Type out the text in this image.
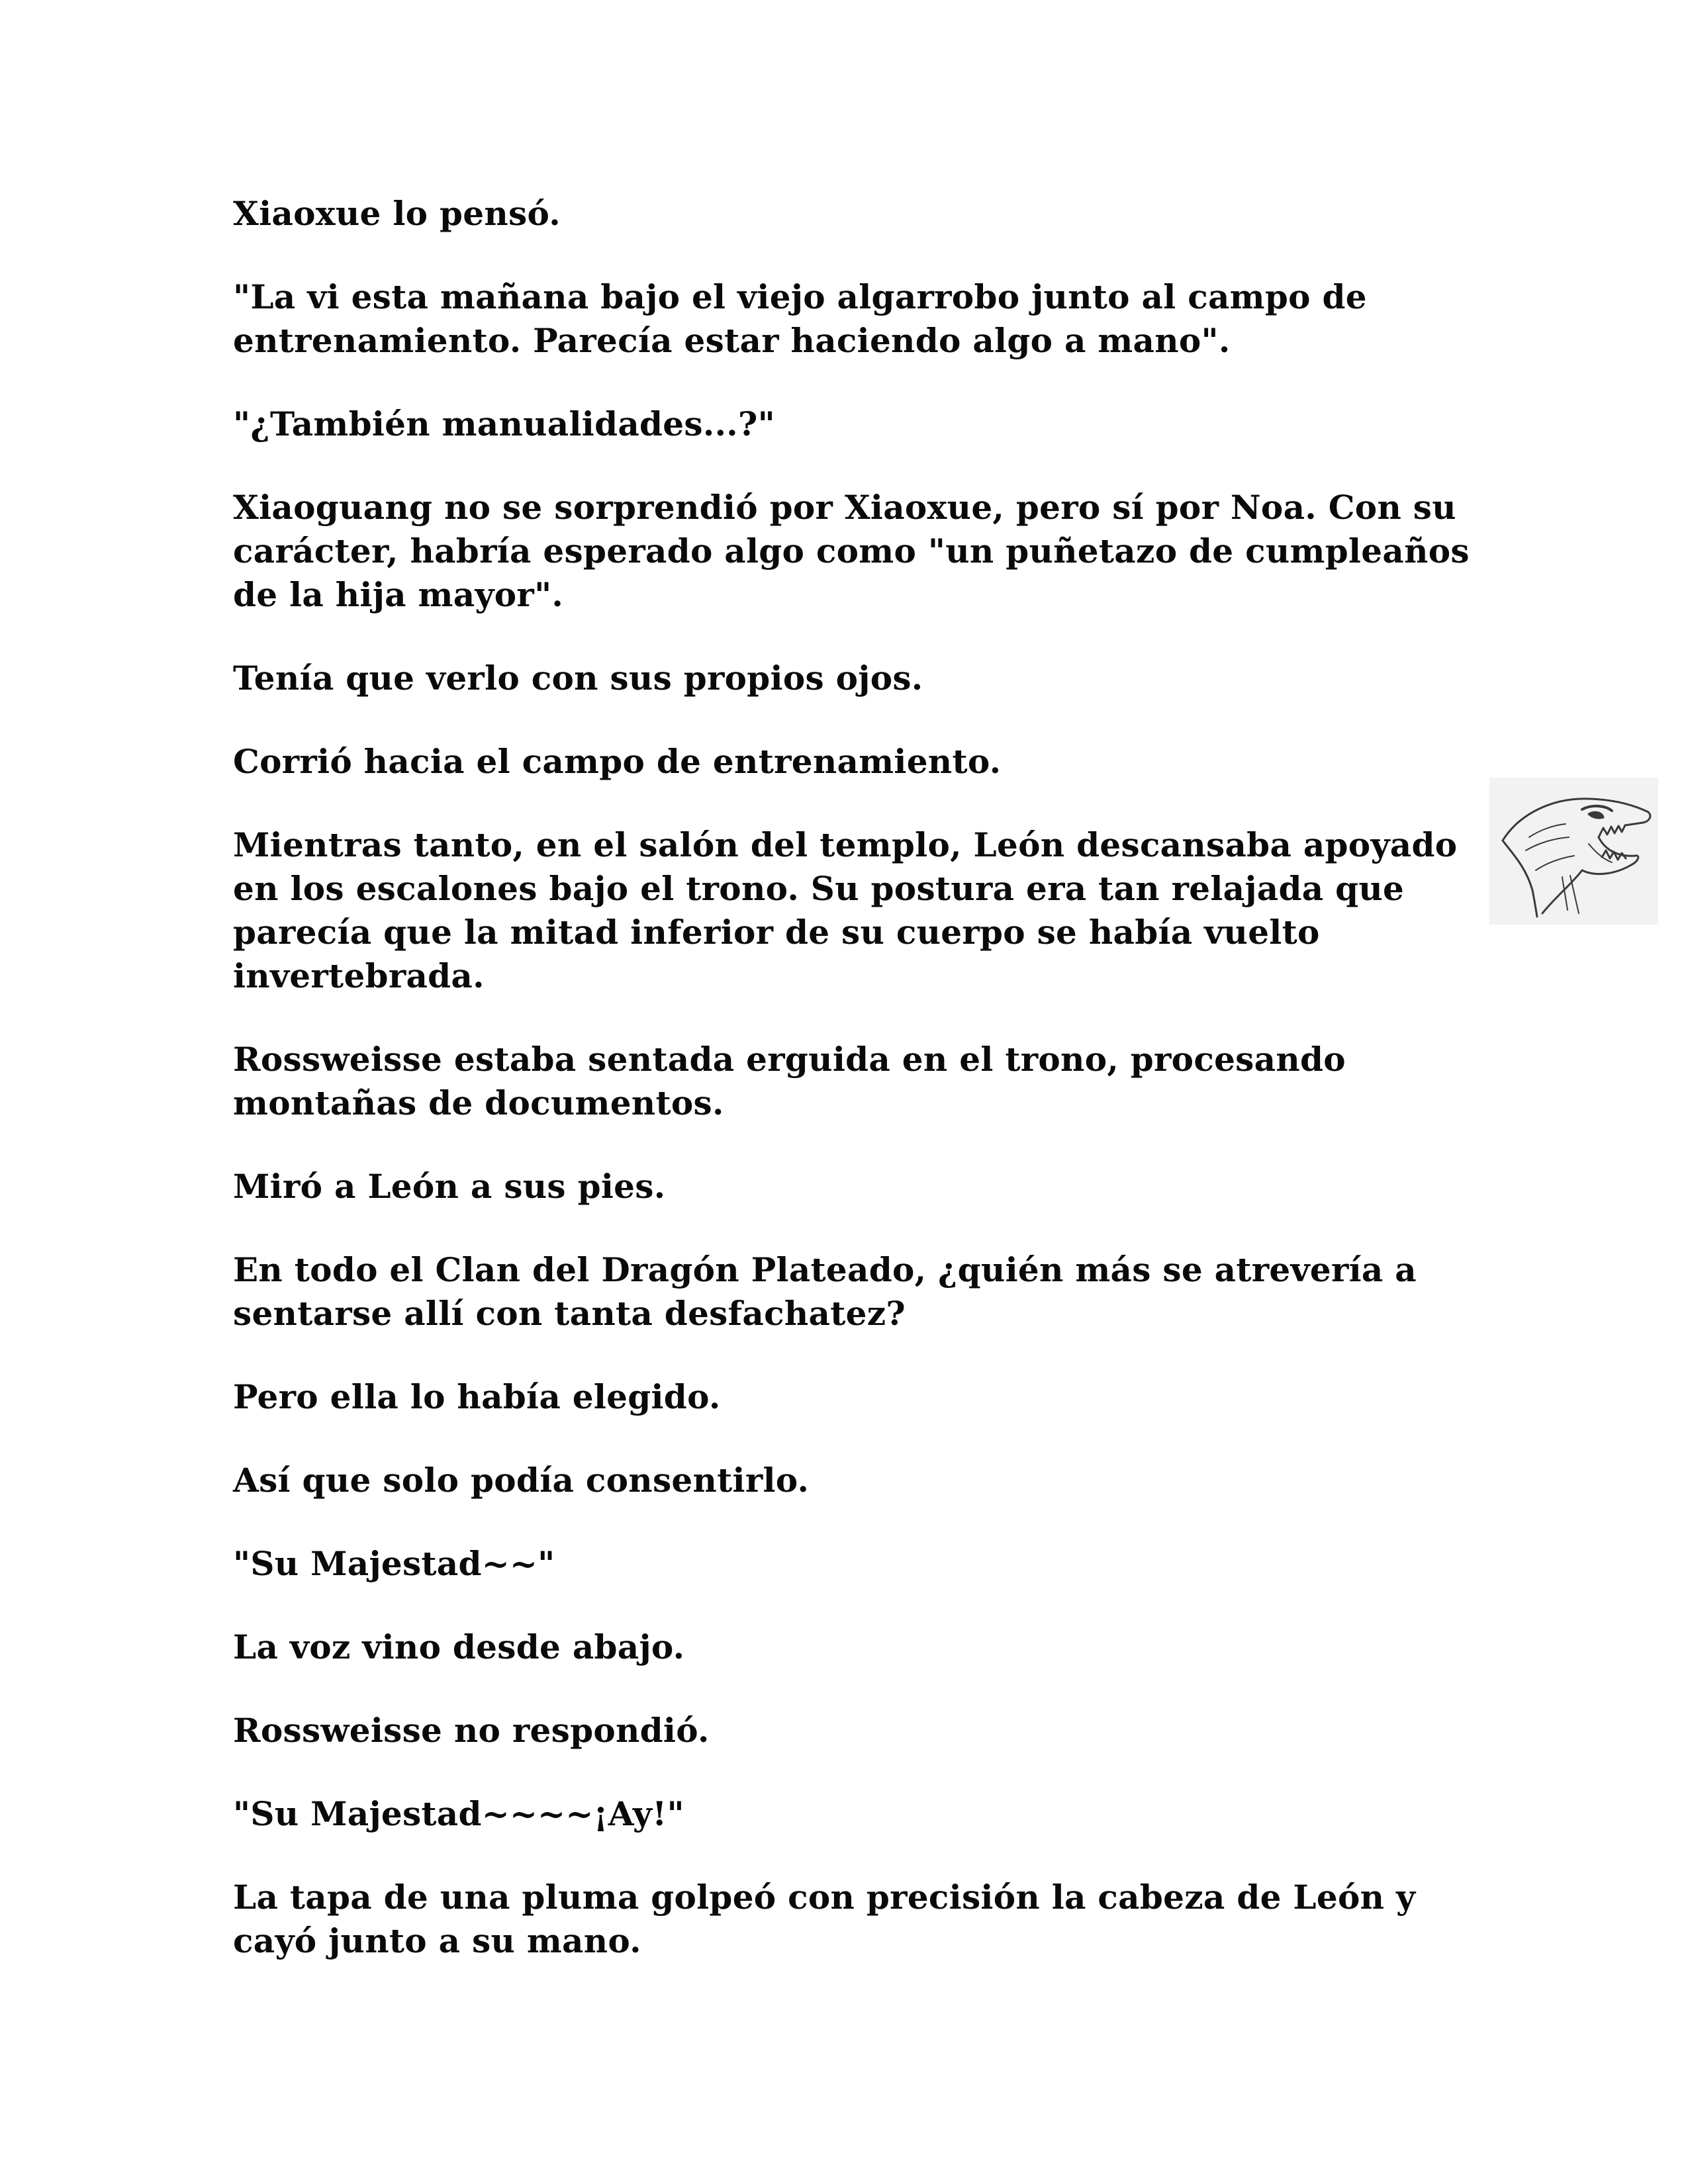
Xiaoxue lo pensó.

"La vi esta mañana bajo el viejo algarrobo junto al campo de entrenamiento. Parecía estar haciendo algo a mano".

"¿También manualidades...?"

Xiaoguang no se sorprendió por Xiaoxue, pero sí por Noa. Con su carácter, habría esperado algo como "un puñetazo de cumpleaños de la hija mayor".

Tenía que verlo con sus propios ojos.

Corrió hacia el campo de entrenamiento.

Mientras tanto, en el salón del templo, León descansaba apoyado en los escalones bajo el trono. Su postura era tan relajada que parecía que la mitad inferior de su cuerpo se había vuelto invertebrada.

Rossweisse estaba sentada erguida en el trono, procesando montañas de documentos.

Miró a León a sus pies.

En todo el Clan del Dragón Plateado, ¿quién más se atrevería a sentarse allí con tanta desfachatez?

Pero ella lo había elegido.

Así que solo podía consentirlo.

"Su Majestad~~"

La voz vino desde abajo.

Rossweisse no respondió.

"Su Majestad~~~~¡Ay!"

La tapa de una pluma golpeó con precisión la cabeza de León y cayó junto a su mano.
